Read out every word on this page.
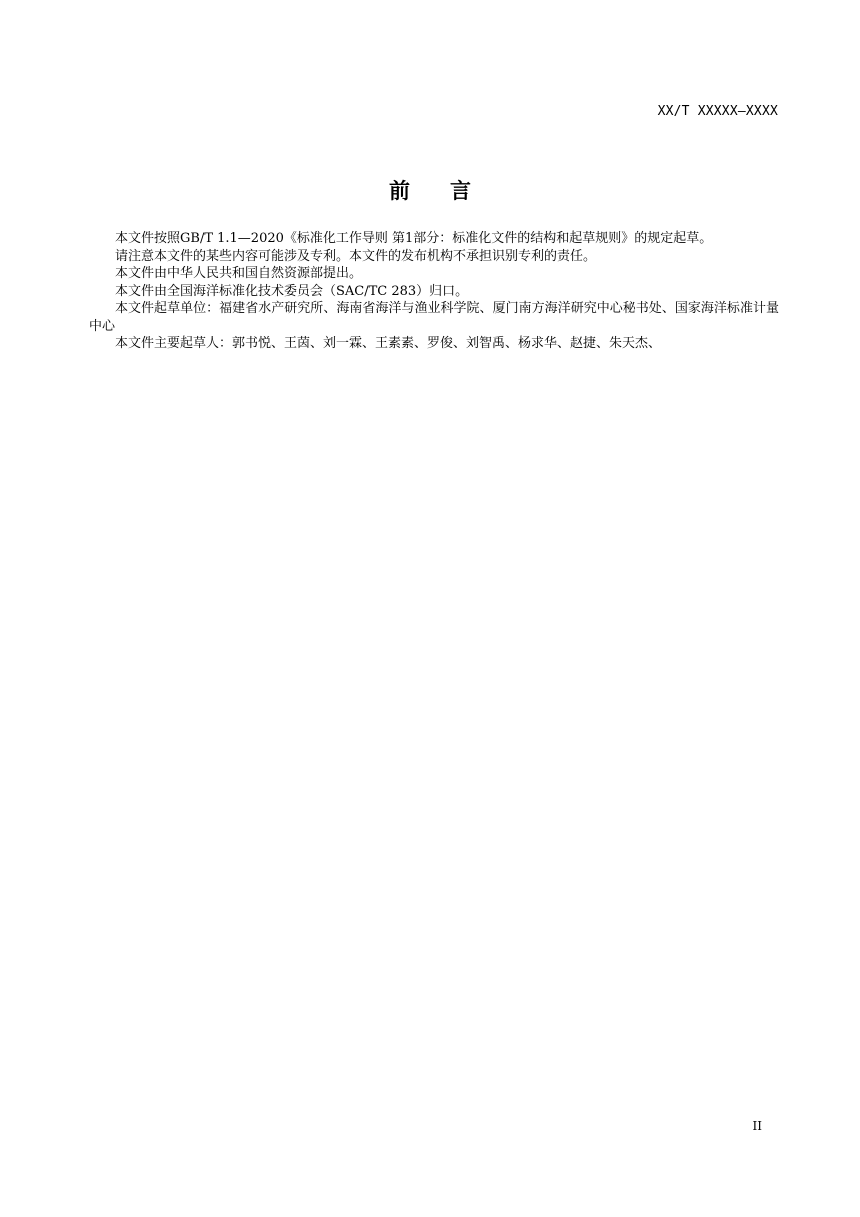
XX/T XXXXX—XXXX
前言

本文件按照GB/T 1.1—2020《标准化工作导则 第1部分：标准化文件的结构和起草规则》的规定起草。

请注意本文件的某些内容可能涉及专利。本文件的发布机构不承担识别专利的责任。

本文件由中华人民共和国自然资源部提出。

本文件由全国海洋标准化技术委员会（SAC/TC 283）归口。

本文件起草单位：福建省水产研究所、海南省海洋与渔业科学院、厦门南方海洋研究中心秘书处、国家海洋标准计量中心

本文件主要起草人：郭书悦、王茵、刘一霖、王素素、罗俊、刘智禹、杨求华、赵捷、朱天杰、

II
